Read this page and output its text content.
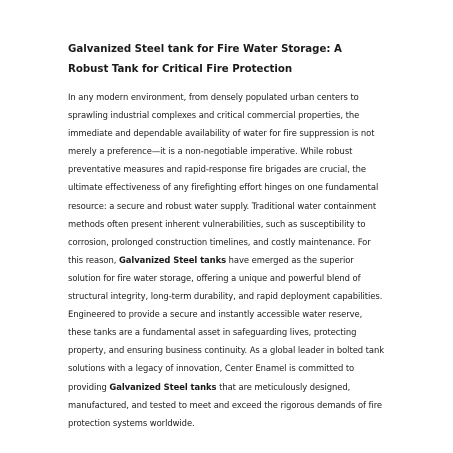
Galvanized Steel tank for Fire Water Storage: A Robust Tank for Critical Fire Protection

In any modern environment, from densely populated urban centers to sprawling industrial complexes and critical commercial properties, the immediate and dependable availability of water for fire suppression is not merely a preference—it is a non-negotiable imperative. While robust preventative measures and rapid-response fire brigades are crucial, the ultimate effectiveness of any firefighting effort hinges on one fundamental resource: a secure and robust water supply. Traditional water containment methods often present inherent vulnerabilities, such as susceptibility to corrosion, prolonged construction timelines, and costly maintenance. For this reason, Galvanized Steel tanks have emerged as the superior solution for fire water storage, offering a unique and powerful blend of structural integrity, long-term durability, and rapid deployment capabilities. Engineered to provide a secure and instantly accessible water reserve, these tanks are a fundamental asset in safeguarding lives, protecting property, and ensuring business continuity. As a global leader in bolted tank solutions with a legacy of innovation, Center Enamel is committed to providing Galvanized Steel tanks that are meticulously designed, manufactured, and tested to meet and exceed the rigorous demands of fire protection systems worldwide.
